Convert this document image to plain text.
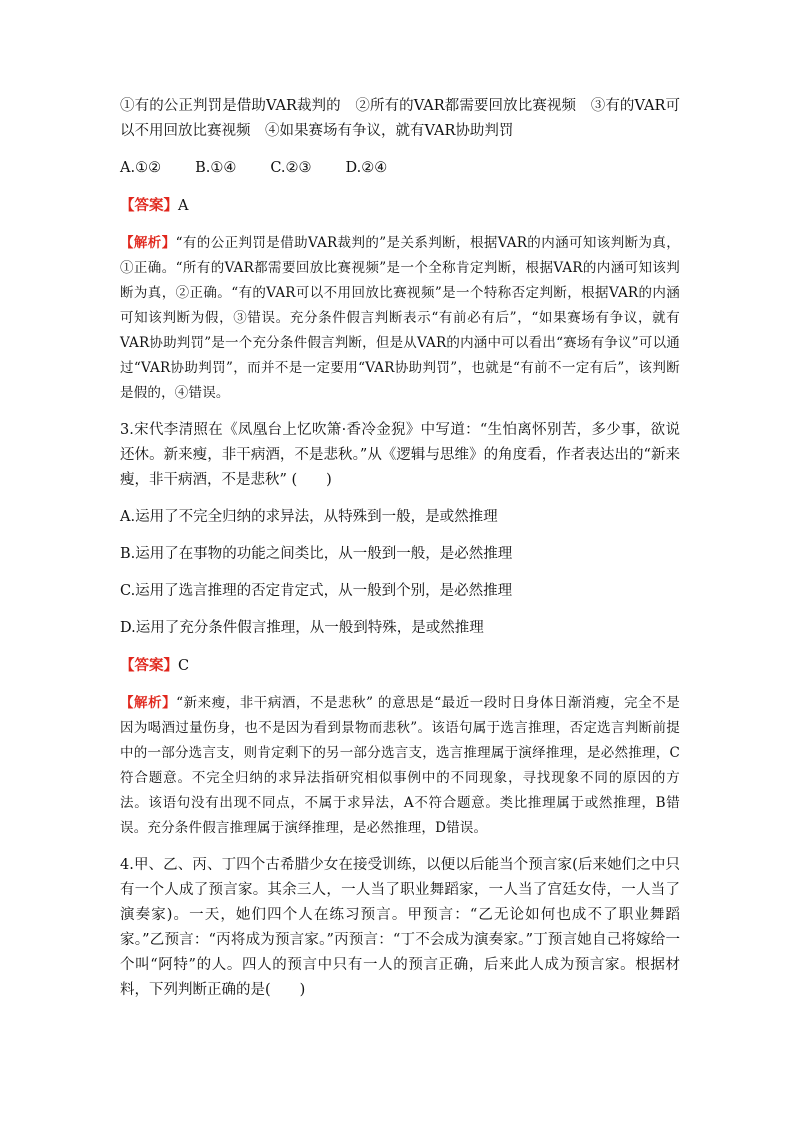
①有的公正判罚是借助VAR裁判的　②所有的VAR都需要回放比赛视频　③有的VAR可以不用回放比赛视频　④如果赛场有争议，就有VAR协助判罚

A.①② B.①④ C.②③ D.②④
【答案】A
【解析】“有的公正判罚是借助VAR裁判的”是关系判断，根据VAR的内涵可知该判断为真，①正确。“所有的VAR都需要回放比赛视频”是一个全称肯定判断，根据VAR的内涵可知该判断为真，②正确。“有的VAR可以不用回放比赛视频”是一个特称否定判断，根据VAR的内涵可知该判断为假，③错误。充分条件假言判断表示“有前必有后”，“如果赛场有争议，就有VAR协助判罚”是一个充分条件假言判断，但是从VAR的内涵中可以看出“赛场有争议”可以通过“VAR协助判罚”，而并不是一定要用“VAR协助判罚”，也就是“有前不一定有后”，该判断是假的，④错误。

3.宋代李清照在《凤凰台上忆吹箫·香冷金猊》中写道：“生怕离怀别苦，多少事，欲说还休。新来瘦，非干病酒，不是悲秋。”从《逻辑与思维》的角度看，作者表达出的“新来瘦，非干病酒，不是悲秋” (　　)

A.运用了不完全归纳的求异法，从特殊到一般，是或然推理
B.运用了在事物的功能之间类比，从一般到一般，是必然推理
C.运用了选言推理的否定肯定式，从一般到个别，是必然推理
D.运用了充分条件假言推理，从一般到特殊，是或然推理
【答案】C
【解析】“新来瘦，非干病酒，不是悲秋” 的意思是“最近一段时日身体日渐消瘦，完全不是因为喝酒过量伤身，也不是因为看到景物而悲秋”。该语句属于选言推理，否定选言判断前提中的一部分选言支，则肯定剩下的另一部分选言支，选言推理属于演绎推理，是必然推理，C符合题意。不完全归纳的求异法指研究相似事例中的不同现象，寻找现象不同的原因的方法。该语句没有出现不同点，不属于求异法，A不符合题意。类比推理属于或然推理，B错误。充分条件假言推理属于演绎推理，是必然推理，D错误。

4.甲、乙、丙、丁四个古希腊少女在接受训练，以便以后能当个预言家(后来她们之中只有一个人成了预言家。其余三人，一人当了职业舞蹈家，一人当了宫廷女侍，一人当了演奏家)。一天，她们四个人在练习预言。甲预言：“乙无论如何也成不了职业舞蹈家。”乙预言：“丙将成为预言家。”丙预言：“丁不会成为演奏家。”丁预言她自己将嫁给一个叫“阿特”的人。四人的预言中只有一人的预言正确，后来此人成为预言家。根据材料，下列判断正确的是(　　)
